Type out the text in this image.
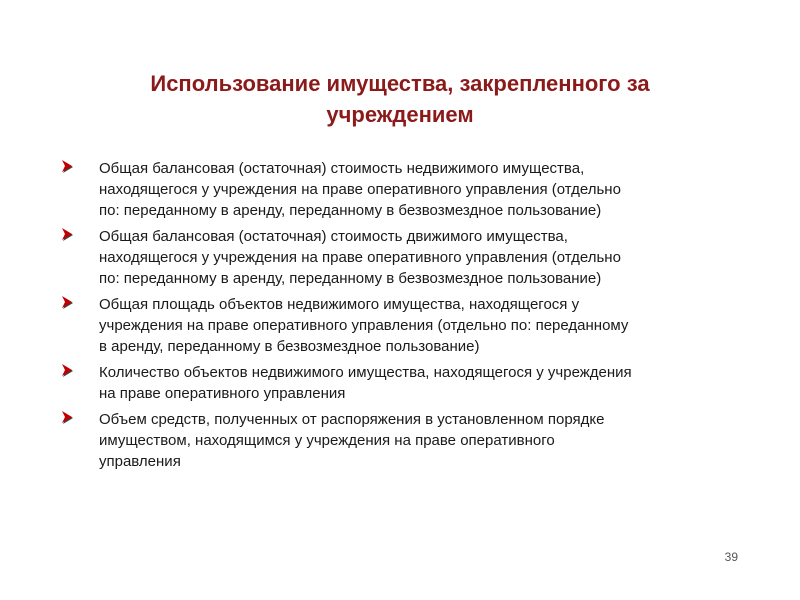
Использование имущества, закрепленного за
учреждением
Общая балансовая (остаточная) стоимость недвижимого имущества,
находящегося у учреждения на праве оперативного управления (отдельно
по: переданному в аренду, переданному в безвозмездное пользование)
Общая балансовая (остаточная) стоимость движимого имущества,
находящегося у учреждения на праве оперативного управления (отдельно
по: переданному в аренду, переданному в безвозмездное пользование)
Общая площадь объектов недвижимого имущества, находящегося у
учреждения на праве оперативного управления (отдельно по: переданному
в аренду, переданному в безвозмездное пользование)
Количество объектов недвижимого имущества, находящегося у учреждения
на праве оперативного управления
Объем средств, полученных от распоряжения в установленном порядке
имуществом, находящимся у учреждения на праве оперативного
управления
39
